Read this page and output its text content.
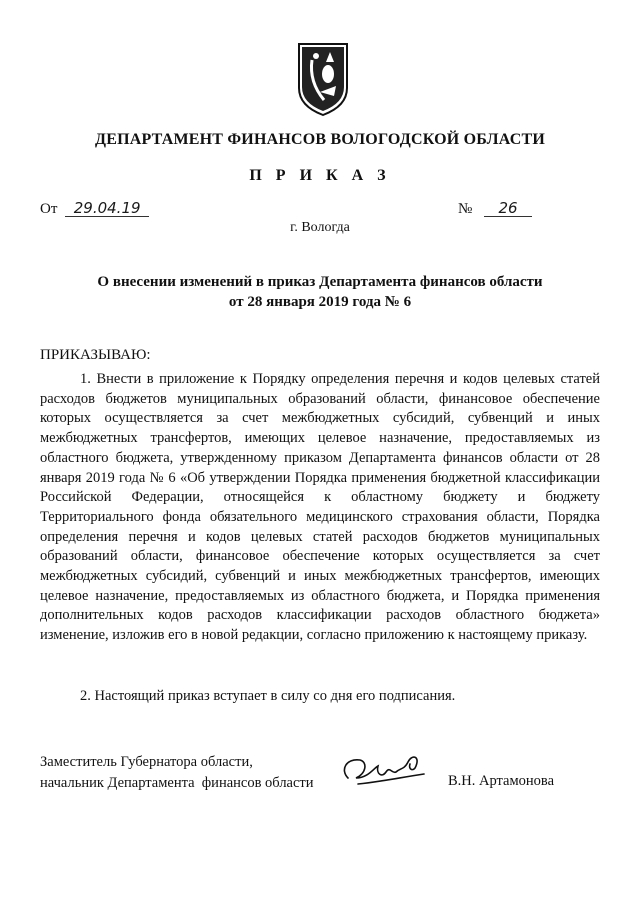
ДЕПАРТАМЕНТ ФИНАНСОВ ВОЛОГОДСКОЙ ОБЛАСТИ
П Р И К А З
От 29.04.19	№ 26
г. Вологда
О внесении изменений в приказ Департамента финансов области
от 28 января 2019 года № 6
ПРИКАЗЫВАЮ:

1. Внести в приложение к Порядку определения перечня и кодов целевых статей расходов бюджетов муниципальных образований области, финансовое обеспечение которых осуществляется за счет межбюджетных субсидий, субвенций и иных межбюджетных трансфертов, имеющих целевое назначение, предоставляемых из областного бюджета, утвержденному приказом Департамента финансов области от 28 января 2019 года № 6 «Об утверждении Порядка применения бюджетной классификации Российской Федерации, относящейся к областному бюджету и бюджету Территориального фонда обязательного медицинского страхования области, Порядка определения перечня и кодов целевых статей расходов бюджетов муниципальных образований области, финансовое обеспечение которых осуществляется за счет межбюджетных субсидий, субвенций и иных межбюджетных трансфертов, имеющих целевое назначение, предоставляемых из областного бюджета, и Порядка применения дополнительных кодов расходов классификации расходов областного бюджета» изменение, изложив его в новой редакции, согласно приложению к настоящему приказу.

2. Настоящий приказ вступает в силу со дня его подписания.
Заместитель Губернатора области,
начальник Департамента  финансов области	В.Н. Артамонова
